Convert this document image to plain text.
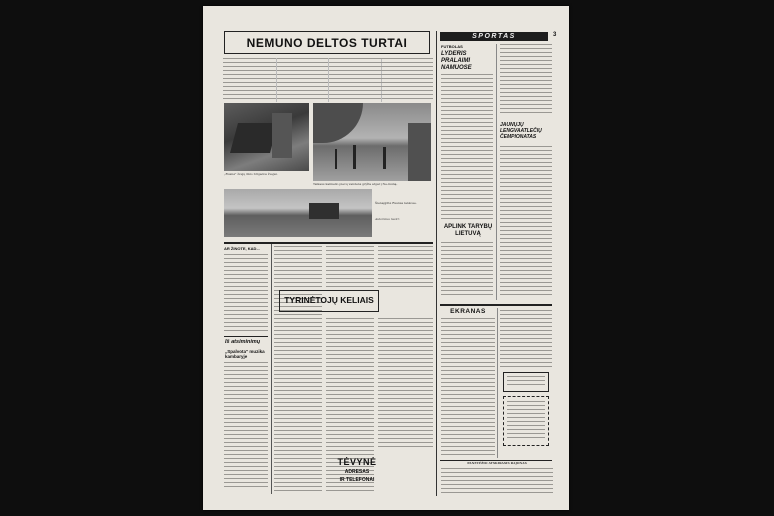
NEMUNO DELTOS TURTAI
„Rusnė" žvejų ūkio brigados žvejai.
Taikaus kaimelio pievų vandens grįžta atgal į Ne-muną.
Šienapjūtė Rusnės lankose.
Autoriaus nuotr.
AR ŽINOTE, KAD...
Iš atsiminimų
„Spalvota" muzika kambaryje
TYRINĖTOJŲ KELIAIS
TĖVYNĖ
ADRESAS
IR TELEFONAI
SPORTAS	3
FUTBOLAS
LYDERIS PRALAIMI NAMUOSE
JAUNŲJŲ LENGVAATLEČIŲ ČEMPIONATAS
APLINK TARYBŲ LIETUVĄ
EKRANAS
PANEVĖŽIO ATSKIRASIS RAJONAS
